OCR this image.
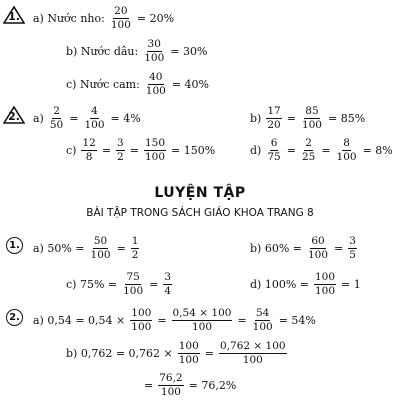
1.	a) Nước nho: $\frac{20}{100} = 20\%$
b) Nước dâu: $\frac{30}{100} = 30\%$
c) Nước cam: $\frac{40}{100} = 40\%$
2.	$a) \frac{2}{50} = \frac{4}{100} = 4\%$	$b) \frac{17}{20} = \frac{85}{100} = 85\%$
$c) \frac{12}{8} = \frac{3}{2} = \frac{150}{100} = 150\%$	$d) \frac{6}{75} = \frac{2}{25} = \frac{8}{100} = 8\%$
LUYỆN TẬP
BÀI TẬP TRONG SÁCH GIÁO KHOA TRANG 8
1. a) $50\% = \frac{50}{100} = \frac{1}{2}$	b) $60\% = \frac{60}{100} = \frac{3}{5}$
c) $75\% = \frac{75}{100} = \frac{3}{4}$	d) $100\% = \frac{100}{100} = 1$
2. a) $0,54 = 0,54 \times \frac{100}{100} = \frac{0,54 \times 100}{100} = \frac{54}{100} = 54\%$
b) $0,762 = 0,762 \times \frac{100}{100} = \frac{0,762 \times 100}{100}$
= $\frac{76,2}{100} = 76,2\%$
